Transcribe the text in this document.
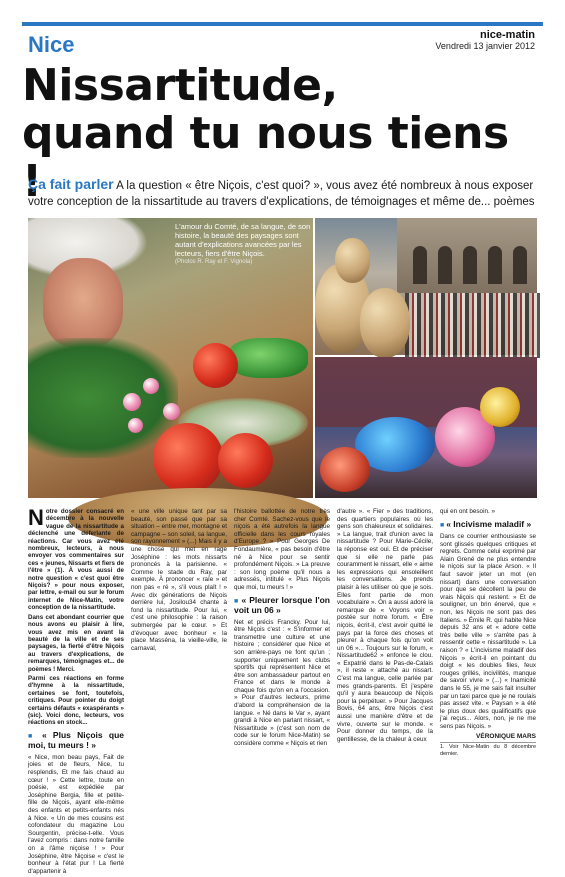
Nice	nice-matin
Vendredi 13 janvier 2012
Nissartitude,
quand tu nous tiens !
Ça fait parler A la question « être Niçois, c'est quoi? », vous avez été nombreux à nous exposer votre conception de la nissartitude au travers d'explications, de témoignages et même de... poèmes
L'amour du Comté, de sa langue, de son histoire, la beauté des paysages sont autant d'explications avancées par les lecteurs, fiers d'être Niçois.
(Photos R. Ray et F. Vignola)

Notre dossier consacré en décembre à la nouvelle vague de la nissartitude a déclenché une déferlante de réactions. Car vous avez été nombreux, lecteurs, à nous envoyer vos commentaires sur ces « jeunes, Nissarts et fiers de l'être » (1). À vous aussi de notre question « c'est quoi être Niçois? » pour nous exposer, par lettre, e-mail ou sur le forum internet de Nice-Matin, votre conception de la nissartitude.

Dans cet abondant courrier que nous avons eu plaisir à lire, vous avez mis en avant la beauté de la ville et de ses paysages, la fierté d'être Niçois au travers d'explications, de remarques, témoignages et... de poèmes ! Merci.

Parmi ces réactions en forme d'hymne à la nissartitude, certaines se font, toutefois, critiques. Pour pointer du doigt certains défauts « exaspérants » (sic). Voici donc, lecteurs, vos réactions en stock...

■ « Plus Niçois que moi, tu meurs ! »

« Nice, mon beau pays, Fait de joies et de fleurs, Nice, tu resplendis, Et me fais chaud au cœur ! » Cette lettre, toute en poésie, est expédiée par Joséphine Bergia, fille et petite-fille de Niçois, ayant elle-même des enfants et petits-enfants nés à Nice. « Un de mes cousins est cofondateur du magazine Lou Sourgentin, précise-t-elle. Vous l'avez compris : dans notre famille on a l'âme niçoise ! » Pour Joséphine, être Niçoise « c'est le bonheur à l'état pur ! La fierté d'appartenir à

« une ville unique tant par sa beauté, son passé que par sa situation – entre mer, montagne et campagne – son soleil, sa langue, son rayonnement » (...) Mais il y a une chose qui met en rage Joséphine : les mots nissarts prononcés à la parisienne. « Comme le stade du Ray, par exemple. À prononcer « raïe » et non pas « ré », s'il vous plaît ! » Avec dix générations de Niçois derrière lui, Josilou34 chante à fond la nissartitude. Pour lui, « c'est une philosophie : la raison submergée par le cœur. » Et d'évoquer avec bonheur « la place Masséna, la vieille-ville, le carnaval,

l'histoire ballottée de notre très cher Comté. Sachez-vous que le niçois a été autrefois la langue officielle dans les cours royales d'Europe ? » Pour Georges De Fondaumière, « pas besoin d'être né à Nice pour se sentir profondément Niçois. » La preuve : son long poème qu'il nous a adressés, intitulé « Plus Niçois que moi, tu meurs ! »

■ « Pleurer lorsque l'on voit un 06 »

Net et précis Francky. Pour lui, être Niçois c'est : « S'informer et transmettre une culture et une histoire ; considérer que Nice et son arrière-pays ne font qu'un ; supporter uniquement les clubs sportifs qui représentent Nice et être son ambassadeur partout en France et dans le monde à chaque fois qu'on en a l'occasion. » Pour d'autres lecteurs, prime d'abord la compréhension de la langue. « Né dans le Var », ayant grandi à Nice en parlant nissart, « Nissartitude » (c'est son nom de code sur le forum Nice-Matin) se considère comme « Niçois et rien

d'autre ». « Fier » des traditions, des quartiers populaires où les gens son chaleureux et solidaires. » La langue, trait d'union avec la nissartitude ? Pour Marie-Cécile, la réponse est oui. Et de préciser que si elle ne parle pas couramment le nissart, elle « aime les expressions qui ensoleillent les conversations. Je prends plaisir à les utiliser où que je sois. Elles font partie de mon vocabulaire ». On a aussi adoré la remarque de « Voyons voir » postée sur notre forum. « Être niçois, écrit-il, c'est avoir quitté le pays par la force des choses et pleurer à chaque fois qu'on voit un 06 »... Toujours sur le forum, « Nissartitude62 » enfonce le clou. « Expatrié dans le Pas-de-Calais », il reste « attaché au nissart. C'est ma langue, celle parlée par mes grands-parents. Et j'espère qu'il y aura beaucoup de Niçois pour la perpétuer. » Pour Jacques Bovis, 64 ans, être Niçois c'est aussi une manière d'être et de vivre, ouverte sur le monde. « Pour donner du temps, de la gentillesse, de la chaleur à ceux

qui en ont besoin. »

■ « Incivisme maladif »

Dans ce courrier enthousiaste se sont glissés quelques critiques et regrets. Comme celui exprimé par Alain Grené de ne plus entendre le niçois sur la place Arson. « Il faut savoir jeter un mot (en nissart) dans une conversation pour que se décollent la peu de vrais Niçois qui restent. » Et de souligner, un brin énervé, que « non, les Niçois ne sont pas des Italiens. » Émile R. qui habite Nice depuis 32 ans et « adore cette très belle ville » s'arrête pas à ressentir cette « nissartitude ». La raison ? « L'incivisme maladif des Niçois » écrit-il en pointant du doigt « les doubles files, feux rouges grillés, incivilités, manque de savoir vivre » (...) « Inamicité dans le 55, je me sais fait insulter par un taxi parce que je ne roulais pas assez vite. « Paysan » a été le plus doux des qualificatifs que j'ai reçus... Alors, non, je ne me sens pas Niçois. »

VÉRONIQUE MARS
1. Voir Nice-Matin du 8 décembre dernier.
